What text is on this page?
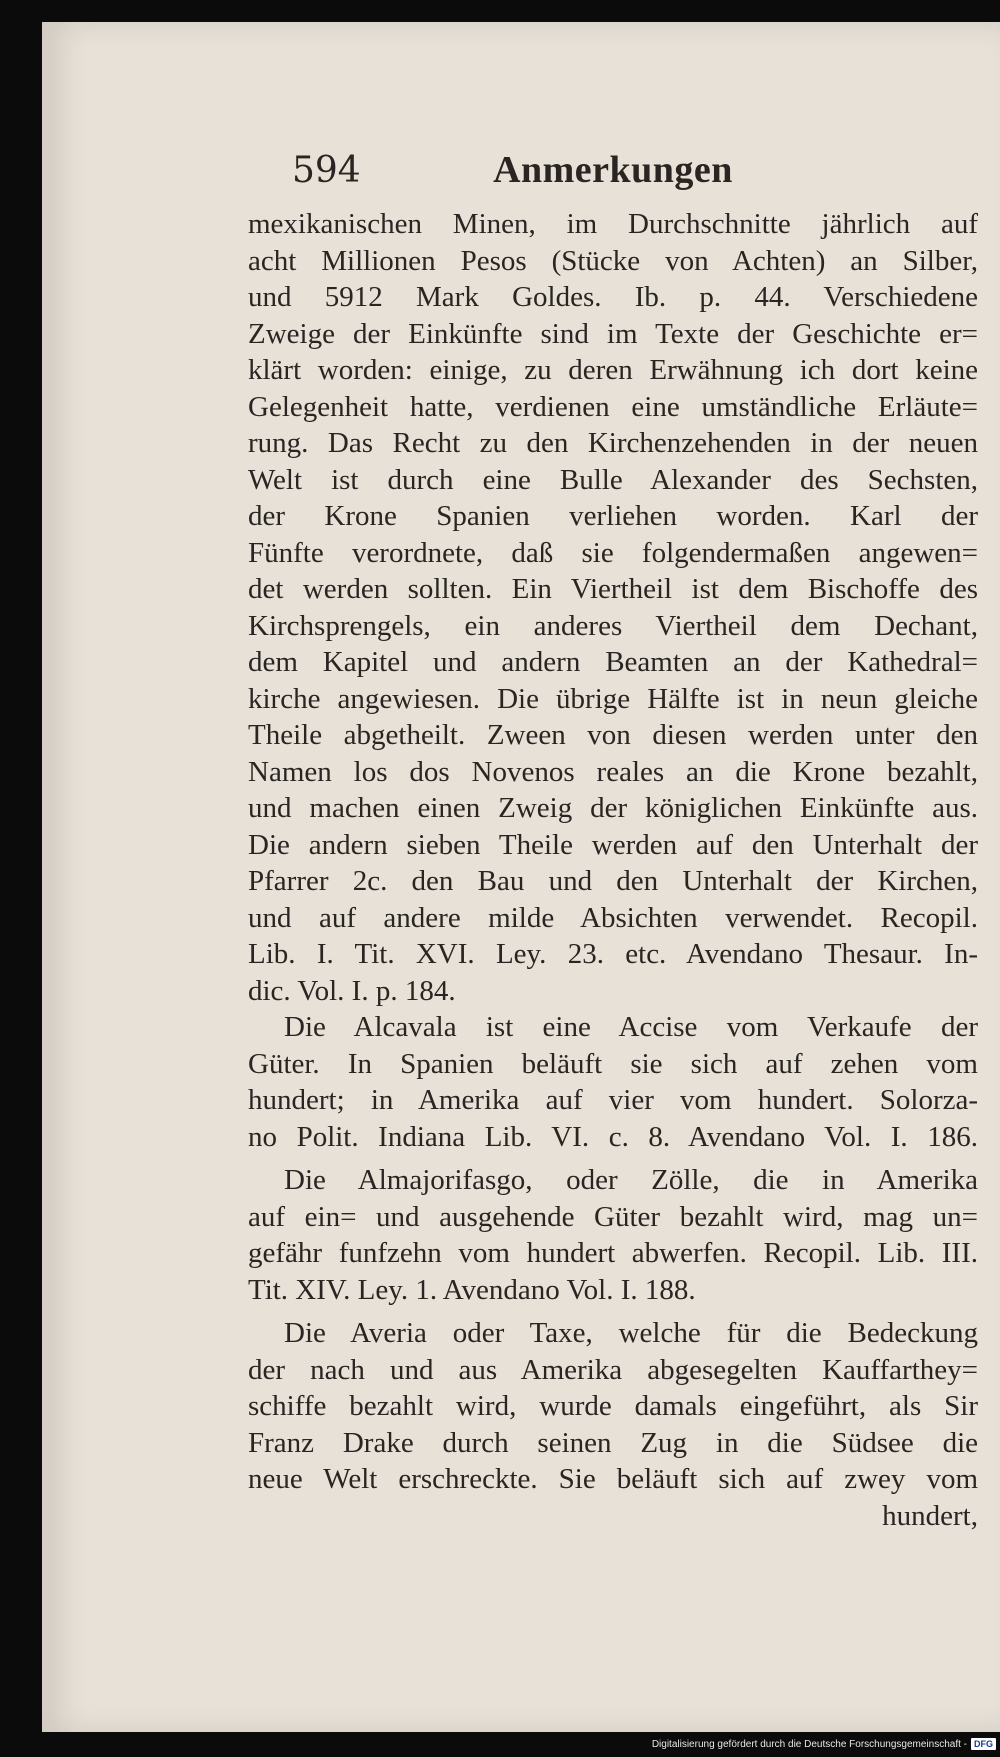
594	Anmerkungen
mexikanischen Minen, im Durchschnitte jährlich auf
acht Millionen Pesos (Stücke von Achten) an Silber,
und 5912 Mark Goldes. Ib. p. 44. Verschiedene
Zweige der Einkünfte sind im Texte der Geschichte er=
klärt worden: einige, zu deren Erwähnung ich dort keine
Gelegenheit hatte, verdienen eine umständliche Erläute=
rung. Das Recht zu den Kirchenzehenden in der neuen
Welt ist durch eine Bulle Alexander des Sechsten,
der Krone Spanien verliehen worden. Karl der
Fünfte verordnete, daß sie folgendermaßen angewen=
det werden sollten. Ein Viertheil ist dem Bischoffe des
Kirchsprengels, ein anderes Viertheil dem Dechant,
dem Kapitel und andern Beamten an der Kathedral=
kirche angewiesen. Die übrige Hälfte ist in neun gleiche
Theile abgetheilt. Zween von diesen werden unter den
Namen los dos Novenos reales an die Krone bezahlt,
und machen einen Zweig der königlichen Einkünfte aus.
Die andern sieben Theile werden auf den Unterhalt der
Pfarrer 2c. den Bau und den Unterhalt der Kirchen,
und auf andere milde Absichten verwendet. Recopil.
Lib. I. Tit. XVI. Ley. 23. etc. Avendano Thesaur. In-
dic. Vol. I. p. 184.
Die Alcavala ist eine Accise vom Verkaufe der
Güter. In Spanien beläuft sie sich auf zehen vom
hundert; in Amerika auf vier vom hundert. Solorza-
no Polit. Indiana Lib. VI. c. 8. Avendano Vol. I. 186.
Die Almajorifasgo, oder Zölle, die in Amerika
auf ein= und ausgehende Güter bezahlt wird, mag un=
gefähr funfzehn vom hundert abwerfen. Recopil. Lib. III.
Tit. XIV. Ley. 1. Avendano Vol. I. 188.
Die Averia oder Taxe, welche für die Bedeckung
der nach und aus Amerika abgesegelten Kauffarthey=
schiffe bezahlt wird, wurde damals eingeführt, als Sir
Franz Drake durch seinen Zug in die Südsee die
neue Welt erschreckte. Sie beläuft sich auf zwey vom
hundert,
Digitalisierung gefördert durch die Deutsche Forschungsgemeinschaft - DFG
